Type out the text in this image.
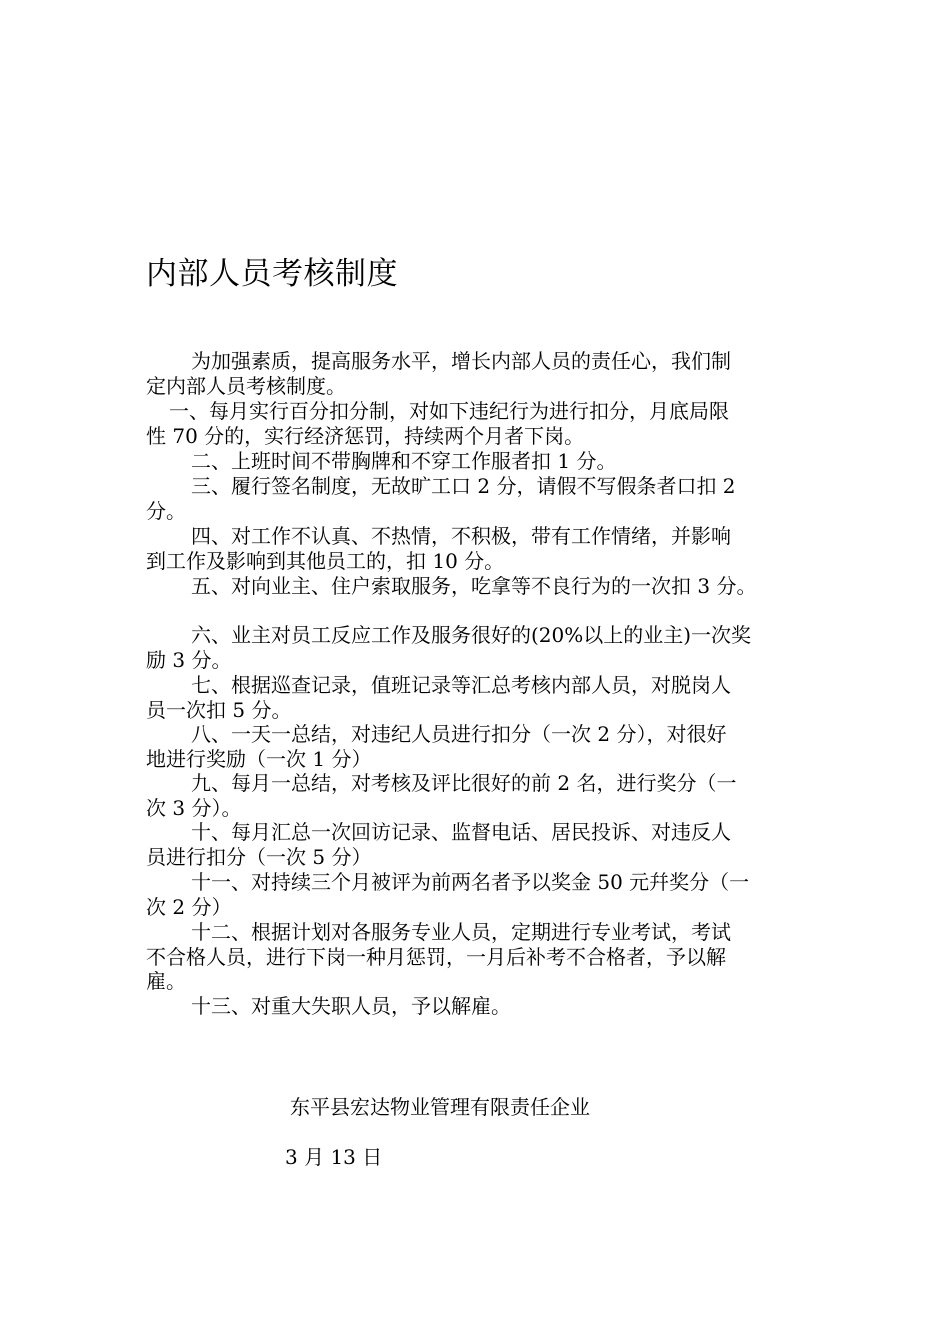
内部人员考核制度
为加强素质，提高服务水平，增长内部人员的责任心，我们制
定内部人员考核制度。
一、每月实行百分扣分制，对如下违纪行为进行扣分，月底局限
性 70 分的，实行经济惩罚，持续两个月者下岗。
二、上班时间不带胸牌和不穿工作服者扣 1 分。
三、履行签名制度，无故旷工口 2 分，请假不写假条者口扣 2
分。
四、对工作不认真、不热情，不积极，带有工作情绪，并影响
到工作及影响到其他员工的，扣 10 分。
五、对向业主、住户索取服务，吃拿等不良行为的一次扣 3 分。
六、业主对员工反应工作及服务很好的(20%以上的业主)一次奖
励 3 分。
七、根据巡查记录，值班记录等汇总考核内部人员，对脱岗人
员一次扣 5 分。
八、一天一总结，对违纪人员进行扣分（一次 2 分），对很好
地进行奖励（一次 1 分）
九、每月一总结，对考核及评比很好的前 2 名，进行奖分（一
次 3 分）。
十、每月汇总一次回访记录、监督电话、居民投诉、对违反人
员进行扣分（一次 5 分）
十一、对持续三个月被评为前两名者予以奖金 50 元幷奖分（一
次 2 分）
十二、根据计划对各服务专业人员，定期进行专业考试，考试
不合格人员，进行下岗一种月惩罚，一月后补考不合格者，予以解
雇。
十三、对重大失职人员，予以解雇。
东平县宏达物业管理有限责任企业
3 月 13 日
